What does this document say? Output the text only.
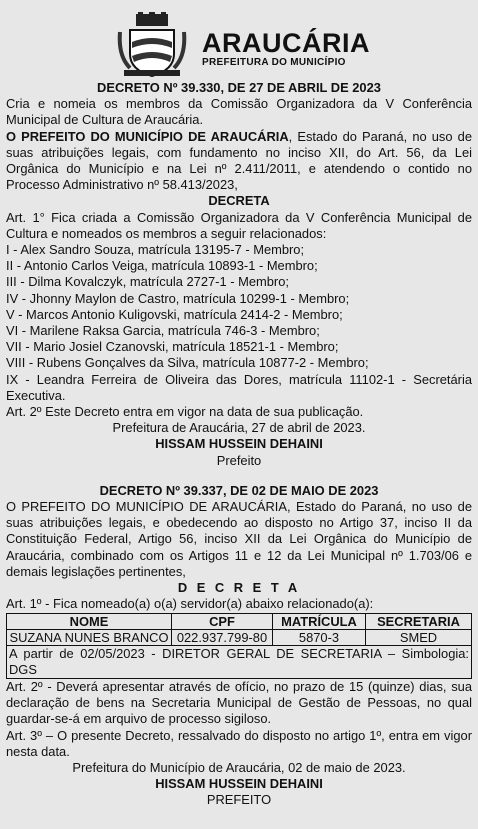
ARAUCÁRIA
PREFEITURA DO MUNICÍPIO

DECRETO Nº 39.330, DE 27 DE ABRIL DE 2023

Cria e nomeia os membros da Comissão Organizadora da V Conferência Municipal de Cultura de Araucária.

O PREFEITO DO MUNICÍPIO DE ARAUCÁRIA, Estado do Paraná, no uso de suas atribuições legais, com fundamento no inciso XII, do Art. 56, da Lei Orgânica do Município e na Lei nº 2.411/2011, e atendendo o contido no Processo Administrativo nº 58.413/2023,

DECRETA

Art. 1° Fica criada a Comissão Organizadora da V Conferência Municipal de Cultura e nomeados os membros a seguir relacionados:

I - Alex Sandro Souza, matrícula 13195-7 - Membro;

II - Antonio Carlos Veiga, matrícula 10893-1 - Membro;

III - Dilma Kovalczyk, matrícula 2727-1 - Membro;

IV - Jhonny Maylon de Castro, matrícula 10299-1 - Membro;

V - Marcos Antonio Kuligovski, matrícula 2414-2 - Membro;

VI - Marilene Raksa Garcia, matrícula 746-3 - Membro;

VII - Mario Josiel Czanovski, matrícula 18521-1 - Membro;

VIII - Rubens Gonçalves da Silva, matrícula 10877-2 - Membro;

IX - Leandra Ferreira de Oliveira das Dores, matrícula 11102-1 - Secretária Executiva.

Art. 2º Este Decreto entra em vigor na data de sua publicação.

Prefeitura de Araucária, 27 de abril de 2023.

HISSAM HUSSEIN DEHAINI

Prefeito

DECRETO Nº 39.337, DE 02 DE MAIO DE 2023

O PREFEITO DO MUNICÍPIO DE ARAUCÁRIA, Estado do Paraná, no uso de suas atribuições legais, e obedecendo ao disposto no Artigo 37, inciso II da Constituição Federal, Artigo 56, inciso XII da Lei Orgânica do Município de Araucária, combinado com os Artigos 11 e 12 da Lei Municipal nº 1.703/06 e demais legislações pertinentes,

D E C R E T A

Art. 1º - Fica nomeado(a) o(a) servidor(a) abaixo relacionado(a):

NOME	CPF	MATRÍCULA	SECRETARIA
SUZANA NUNES BRANCO	022.937.799-80	5870-3	SMED
A partir de 02/05/2023 - DIRETOR GERAL DE SECRETARIA – Simbologia: DGS

Art. 2º - Deverá apresentar através de ofício, no prazo de 15 (quinze) dias, sua declaração de bens na Secretaria Municipal de Gestão de Pessoas, no qual guardar-se-á em arquivo de processo sigiloso.

Art. 3º – O presente Decreto, ressalvado do disposto no artigo 1º, entra em vigor nesta data.

Prefeitura do Município de Araucária, 02 de maio de 2023.

HISSAM HUSSEIN DEHAINI

PREFEITO
